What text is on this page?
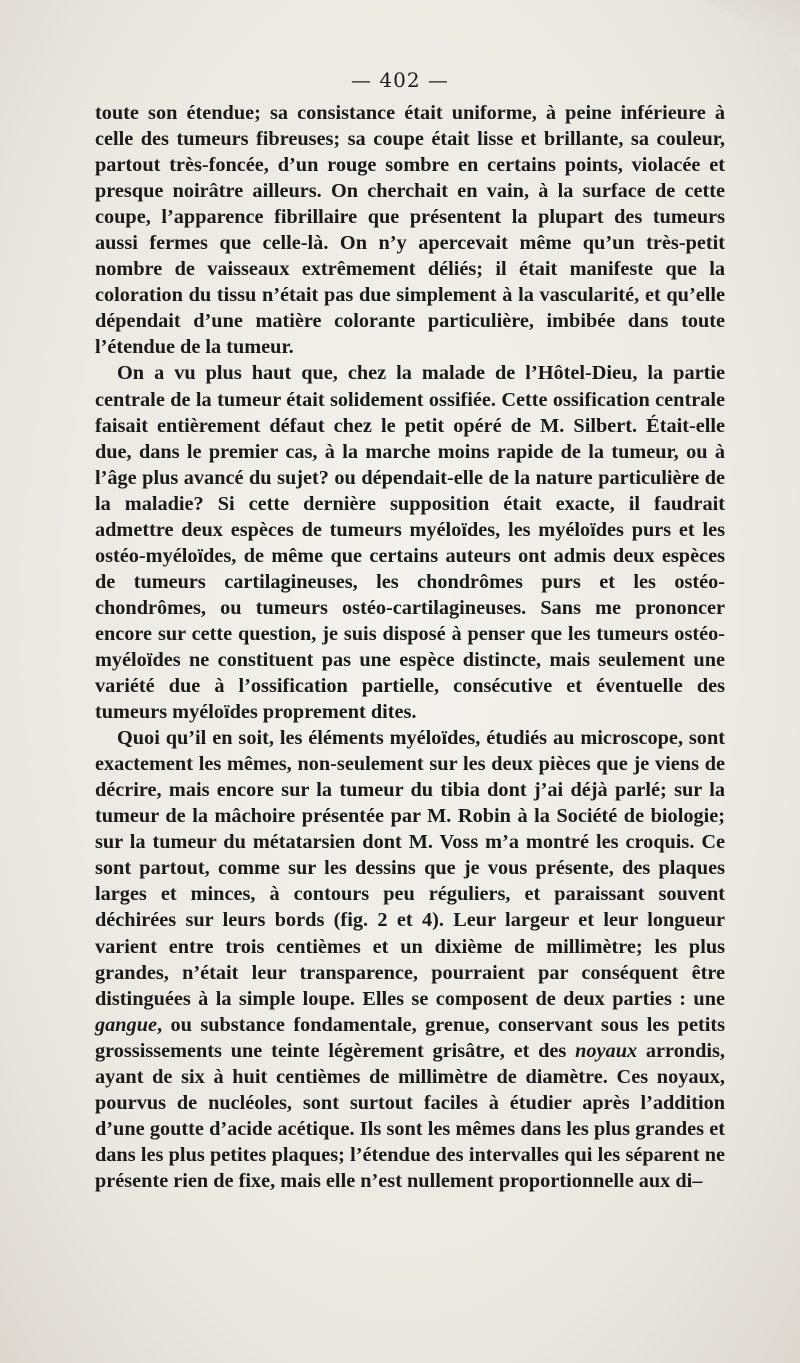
— 402 —

toute son étendue; sa consistance était uniforme, à peine inférieure à celle des tumeurs fibreuses; sa coupe était lisse et brillante, sa couleur, partout très-foncée, d’un rouge sombre en certains points, violacée et presque noirâtre ailleurs. On cherchait en vain, à la surface de cette coupe, l’apparence fibrillaire que présentent la plupart des tumeurs aussi fermes que celle-là. On n’y apercevait même qu’un très-petit nombre de vaisseaux extrêmement déliés; il était manifeste que la coloration du tissu n’était pas due simplement à la vascularité, et qu’elle dépendait d’une matière colorante particulière, imbibée dans toute l’étendue de la tumeur.

On a vu plus haut que, chez la malade de l’Hôtel-Dieu, la partie centrale de la tumeur était solidement ossifiée. Cette ossification centrale faisait entièrement défaut chez le petit opéré de M. Silbert. Était-elle due, dans le premier cas, à la marche moins rapide de la tumeur, ou à l’âge plus avancé du sujet? ou dépendait-elle de la nature particulière de la maladie? Si cette dernière supposition était exacte, il faudrait admettre deux espèces de tumeurs myéloïdes, les myéloïdes purs et les ostéo-myéloïdes, de même que certains auteurs ont admis deux espèces de tumeurs cartilagineuses, les chondrômes purs et les ostéo-chondrômes, ou tumeurs ostéo-cartilagineuses. Sans me prononcer encore sur cette question, je suis disposé à penser que les tumeurs ostéo-myéloïdes ne constituent pas une espèce distincte, mais seulement une variété due à l’ossification partielle, consécutive et éventuelle des tumeurs myéloïdes proprement dites.

Quoi qu’il en soit, les éléments myéloïdes, étudiés au microscope, sont exactement les mêmes, non-seulement sur les deux pièces que je viens de décrire, mais encore sur la tumeur du tibia dont j’ai déjà parlé; sur la tumeur de la mâchoire présentée par M. Robin à la Société de biologie; sur la tumeur du métatarsien dont M. Voss m’a montré les croquis. Ce sont partout, comme sur les dessins que je vous présente, des plaques larges et minces, à contours peu réguliers, et paraissant souvent déchirées sur leurs bords (fig. 2 et 4). Leur largeur et leur longueur varient entre trois centièmes et un dixième de millimètre; les plus grandes, n’était leur transparence, pourraient par conséquent être distinguées à la simple loupe. Elles se composent de deux parties : une gangue, ou substance fondamentale, grenue, conservant sous les petits grossissements une teinte légèrement grisâtre, et des noyaux arrondis, ayant de six à huit centièmes de millimètre de diamètre. Ces noyaux, pourvus de nucléoles, sont surtout faciles à étudier après l’addition d’une goutte d’acide acétique. Ils sont les mêmes dans les plus grandes et dans les plus petites plaques; l’étendue des intervalles qui les séparent ne présente rien de fixe, mais elle n’est nullement proportionnelle aux di–
